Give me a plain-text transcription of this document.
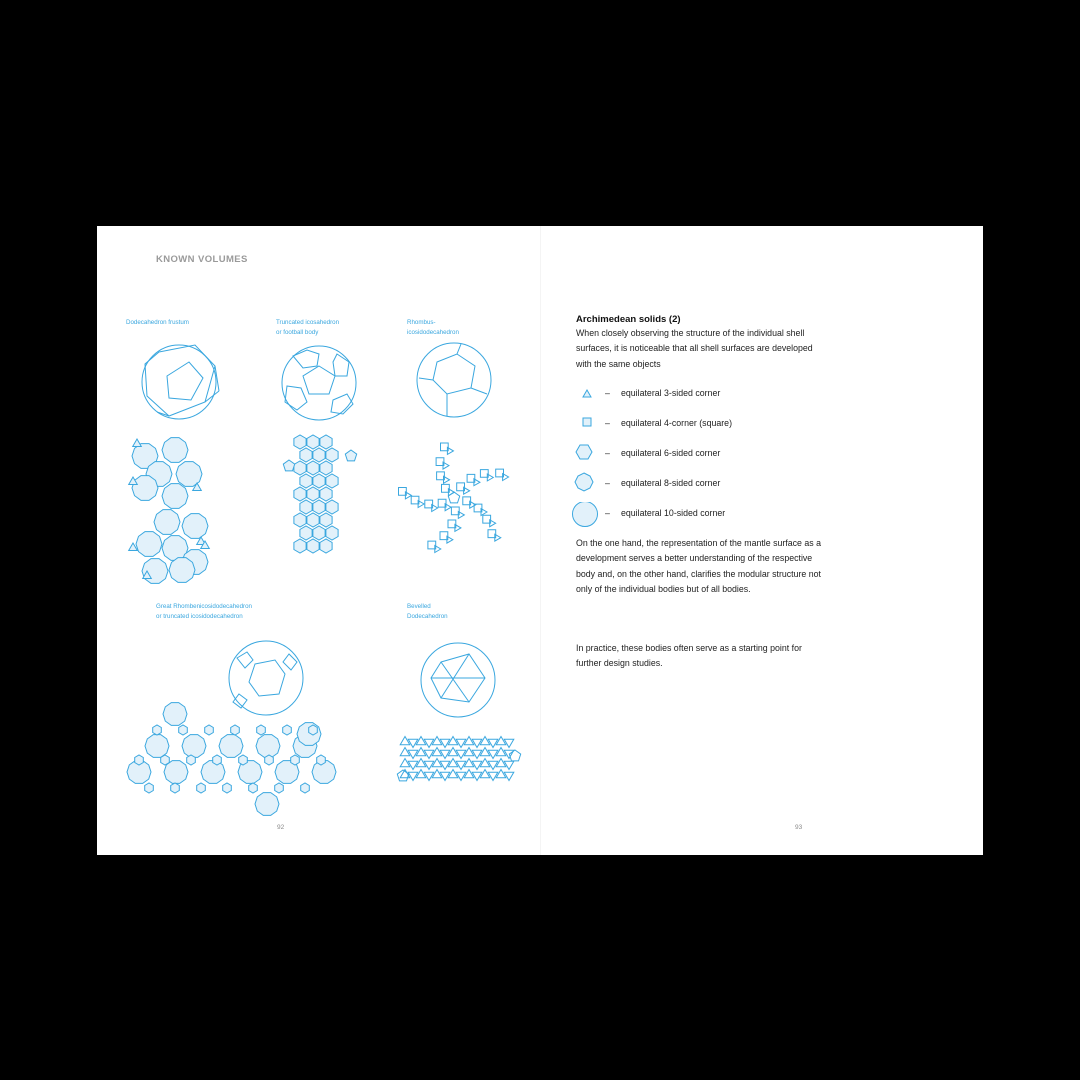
KNOWN VOLUMES
Dodecahedron frustum	Truncated icosahedron
or football body
Rhombus-
icosidodecahedron
Great Rhombenicosidodecahedron
or truncated icosidodecahedron
Bevelled
Dodecahedron
92
Archimedean solids (2)

When closely observing the structure of the individual shell surfaces, it is noticeable that all shell surfaces are developed with the same objects

– equilateral 3-sided corner
– equilateral 4-corner (square)
– equilateral 6-sided corner
– equilateral 8-sided corner
– equilateral 10-sided corner

On the one hand, the representation of the mantle surface as a development serves a better understanding of the respective body and, on the other hand, clarifies the modular structure not only of the individual bodies but of all bodies.

In practice, these bodies often serve as a starting point for further design studies.

93
